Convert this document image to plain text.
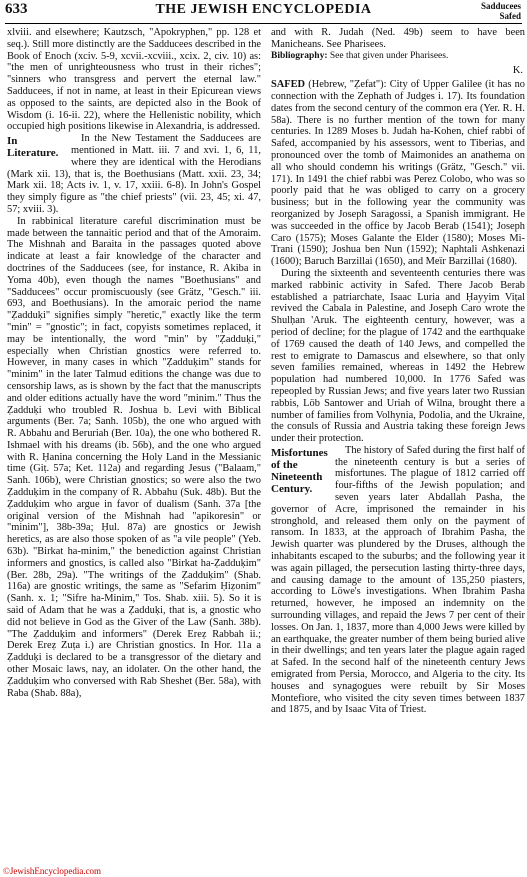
633	THE JEWISH ENCYCLOPEDIA	Sadducees
Safed

xlviii. and elsewhere; Kautzsch, "Apokryphen," pp. 128 et seq.). Still more distinctly are the Sadducees described in the Book of Enoch (xciv. 5-9, xcvii.-xcviii., xcix. 2, civ. 10) as: "the men of unrighteousness who trust in their riches"; "sinners who transgress and pervert the eternal law." Sadducees, if not in name, at least in their Epicurean views as opposed to the saints, are depicted also in the Book of Wisdom (i. 16-ii. 22), where the Hellenistic nobility, which occupied high positions likewise in Alexandria, is addressed.

In Literature.

In the New Testament the Sadducees are mentioned in Matt. iii. 7 and xvi. 1, 6, 11, where they are identical with the Herodians (Mark xii. 13), that is, the Boethusians (Matt. xxii. 23, 34; Mark xii. 18; Acts iv. 1, v. 17, xxiii. 6-8). In John's Gospel they simply figure as "the chief priests" (vii. 23, 45; xi. 47, 57; xviii. 3).

In rabbinical literature careful discrimination must be made between the tannaitic period and that of the Amoraim. The Mishnah and Baraita in the passages quoted above indicate at least a fair knowledge of the character and doctrines of the Sadducees (see, for instance, R. Akiba in Yoma 40b), even though the names "Boethusians" and "Sadducees" occur promiscuously (see Grätz, "Gesch." iii. 693, and Boethusians). In the amoraic period the name "Ẓadduḳi" signifies simply "heretic," exactly like the term "min" = "gnostic"; in fact, copyists sometimes replaced, it may be intentionally, the word "min" by "Ẓadduḳi," especially when Christian gnostics were referred to. However, in many cases in which "Ẓadduḳim" stands for "minim" in the later Talmud editions the change was due to censorship laws, as is shown by the fact that the manuscripts and older editions actually have the word "minim." Thus the Ẓadduḳi who troubled R. Joshua b. Levi with Biblical arguments (Ber. 7a; Sanh. 105b), the one who argued with R. Abbahu and Beruriah (Ber. 10a), the one who bothered R. Ishmael with his dreams (ib. 56b), and the one who argued with R. Ḥanina concerning the Holy Land in the Messianic time (Giṭ. 57a; Ket. 112a) and regarding Jesus ("Balaam," Sanh. 106b), were Christian gnostics; so were also the two Ẓadduḳim in the company of R. Abbahu (Suk. 48b). But the Ẓadduḳim who argue in favor of dualism (Sanh. 37a [the original version of the Mishnah had "apikoresin" or "minim"], 38b-39a; Ḥul. 87a) are gnostics or Jewish heretics, as are also those spoken of as "a vile people" (Yeb. 63b). "Birkat ha-minim," the benediction against Christian informers and gnostics, is called also "Birkat ha-Ẓadduḳim" (Ber. 28b, 29a). "The writings of the Ẓadduḳim" (Shab. 116a) are gnostic writings, the same as "Sefarim Ḥiẓonim" (Sanh. x. 1; "Sifre ha-Minim," Tos. Shab. xiii. 5). So it is said of Adam that he was a Ẓadduḳi, that is, a gnostic who did not believe in God as the Giver of the Law (Sanh. 38b). "The Ẓadduḳim and informers" (Derek Ereẓ Rabbah ii.; Derek Ereẓ Zuṭa i.) are Christian gnostics. In Hor. 11a a Ẓadduḳi is declared to be a transgressor of the dietary and other Mosaic laws, nay, an idolater. On the other hand, the Ẓadduḳim who conversed with Rab Sheshet (Ber. 58a), with Raba (Shab. 88a),

and with R. Judah (Ned. 49b) seem to have been Manicheans. See Pharisees.

Bibliography: See that given under Pharisees.

K.

SAFED (Hebrew, "Ẓefat"): City of Upper Galilee (it has no connection with the Zephath of Judges i. 17). Its foundation dates from the second century of the common era (Yer. R. H. 58a). There is no further mention of the town for many centuries. In 1289 Moses b. Judah ha-Kohen, chief rabbi of Safed, accompanied by his assessors, went to Tiberias, and pronounced over the tomb of Maimonides an anathema on all who should condemn his writings (Grätz, "Gesch." vii. 171). In 1491 the chief rabbi was Perez Colobo, who was so poorly paid that he was obliged to carry on a grocery business; but in the following year the community was reorganized by Joseph Saragossi, a Spanish immigrant. He was succeeded in the office by Jacob Berab (1541); Joseph Caro (1575); Moses Galante the Elder (1580); Moses Mi-Trani (1590); Joshua ben Nun (1592); Naphtali Ashkenazi (1600); Baruch Barzillai (1650), and Meïr Barzillai (1680).

During the sixteenth and seventeenth centuries there was marked rabbinic activity in Safed. There Jacob Berab established a patriarchate, Isaac Luria and Ḥayyim Viṭal revived the Cabala in Palestine, and Joseph Caro wrote the Shulḥan 'Aruk. The eighteenth century, however, was a period of decline; for the plague of 1742 and the earthquake of 1769 caused the death of 140 Jews, and compelled the rest to emigrate to Damascus and elsewhere, so that only seven families remained, whereas in 1492 the Hebrew population had numbered 10,000. In 1776 Safed was repeopled by Russian Jews; and five years later two Russian rabbis, Löb Santower and Uriah of Wilna, brought there a number of families from Volhynia, Podolia, and the Ukraine, the consuls of Russia and Austria taking these foreign Jews under their protection.

Misfortunes of the Nineteenth Century.

The history of Safed during the first half of the nineteenth century is but a series of misfortunes. The plague of 1812 carried off four-fifths of the Jewish population; and seven years later Abdallah Pasha, the governor of Acre, imprisoned the remainder in his stronghold, and released them only on the payment of ransom. In 1833, at the approach of Ibrahim Pasha, the Jewish quarter was plundered by the Druses, although the inhabitants escaped to the suburbs; and the following year it was again pillaged, the persecution lasting thirty-three days, and causing damage to the amount of 135,250 piasters, according to Löwe's investigations. When Ibrahim Pasha returned, however, he imposed an indemnity on the surrounding villages, and repaid the Jews 7 per cent of their losses. On Jan. 1, 1837, more than 4,000 Jews were killed by an earthquake, the greater number of them being buried alive in their dwellings; and ten years later the plague again raged at Safed. In the second half of the nineteenth century Jews emigrated from Persia, Morocco, and Algeria to the city. Its houses and synagogues were rebuilt by Sir Moses Montefiore, who visited the city seven times between 1837 and 1875, and by Isaac Vita of Triest.

©JewishEncyclopedia.com
